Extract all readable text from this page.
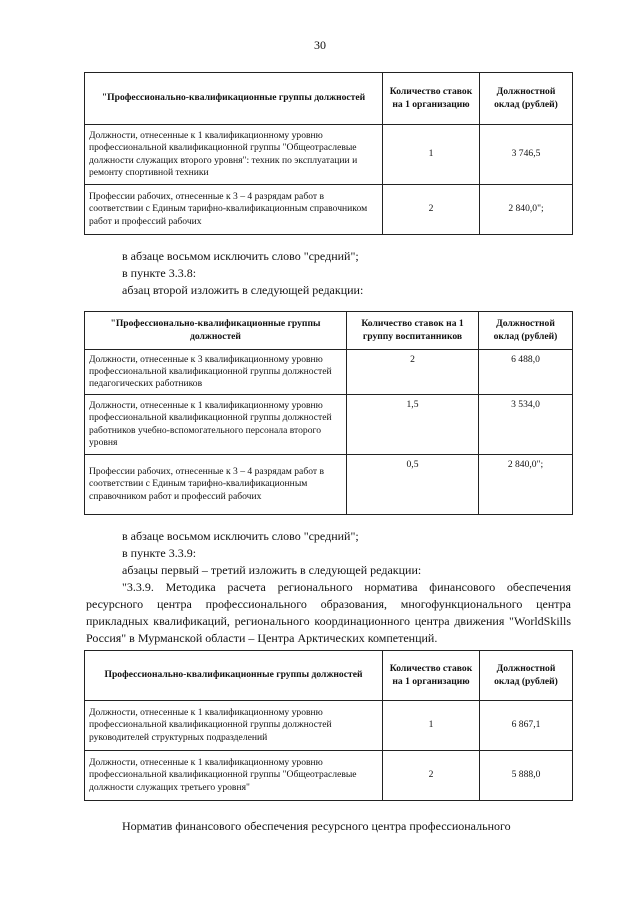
30
"Профессионально-квалификационные группы должностей	Количество ставок на 1 организацию	Должностной оклад (рублей)
Должности, отнесенные к 1 квалификационному уровню профессиональной квалификационной группы "Общеотраслевые должности служащих второго уровня": техник по эксплуатации и ремонту спортивной техники	1	3 746,5
Профессии рабочих, отнесенные к 3 – 4 разрядам работ в соответствии с Единым тарифно-квалификационным справочником работ и профессий рабочих	2	2 840,0";

в абзаце восьмом исключить слово "средний";

в пункте 3.3.8:

абзац второй изложить в следующей редакции:

"Профессионально-квалификационные группы должностей	Количество ставок на 1 группу воспитанников	Должностной оклад (рублей)
Должности, отнесенные к 3 квалификационному уровню профессиональной квалификационной группы должностей педагогических работников	2	6 488,0
Должности, отнесенные к 1 квалификационному уровню профессиональной квалификационной группы должностей работников учебно-вспомогательного персонала второго уровня	1,5	3 534,0
Профессии рабочих, отнесенные к 3 – 4 разрядам работ в соответствии с Единым тарифно-квалификационным справочником работ и профессий рабочих	0,5	2 840,0";

в абзаце восьмом исключить слово "средний";

в пункте 3.3.9:

абзацы первый – третий изложить в следующей редакции:

"3.3.9. Методика расчета регионального норматива финансового обеспечения ресурсного центра профессионального образования, многофункционального центра прикладных квалификаций, регионального координационного центра движения "WorldSkills Россия" в Мурманской области – Центра Арктических компетенций.

Профессионально-квалификационные группы должностей	Количество ставок на 1 организацию	Должностной оклад (рублей)
Должности, отнесенные к 1 квалификационному уровню профессиональной квалификационной группы должностей руководителей структурных подразделений	1	6 867,1
Должности, отнесенные к 1 квалификационному уровню профессиональной квалификационной группы "Общеотраслевые должности служащих третьего уровня"	2	5 888,0

Норматив финансового обеспечения ресурсного центра профессионального
